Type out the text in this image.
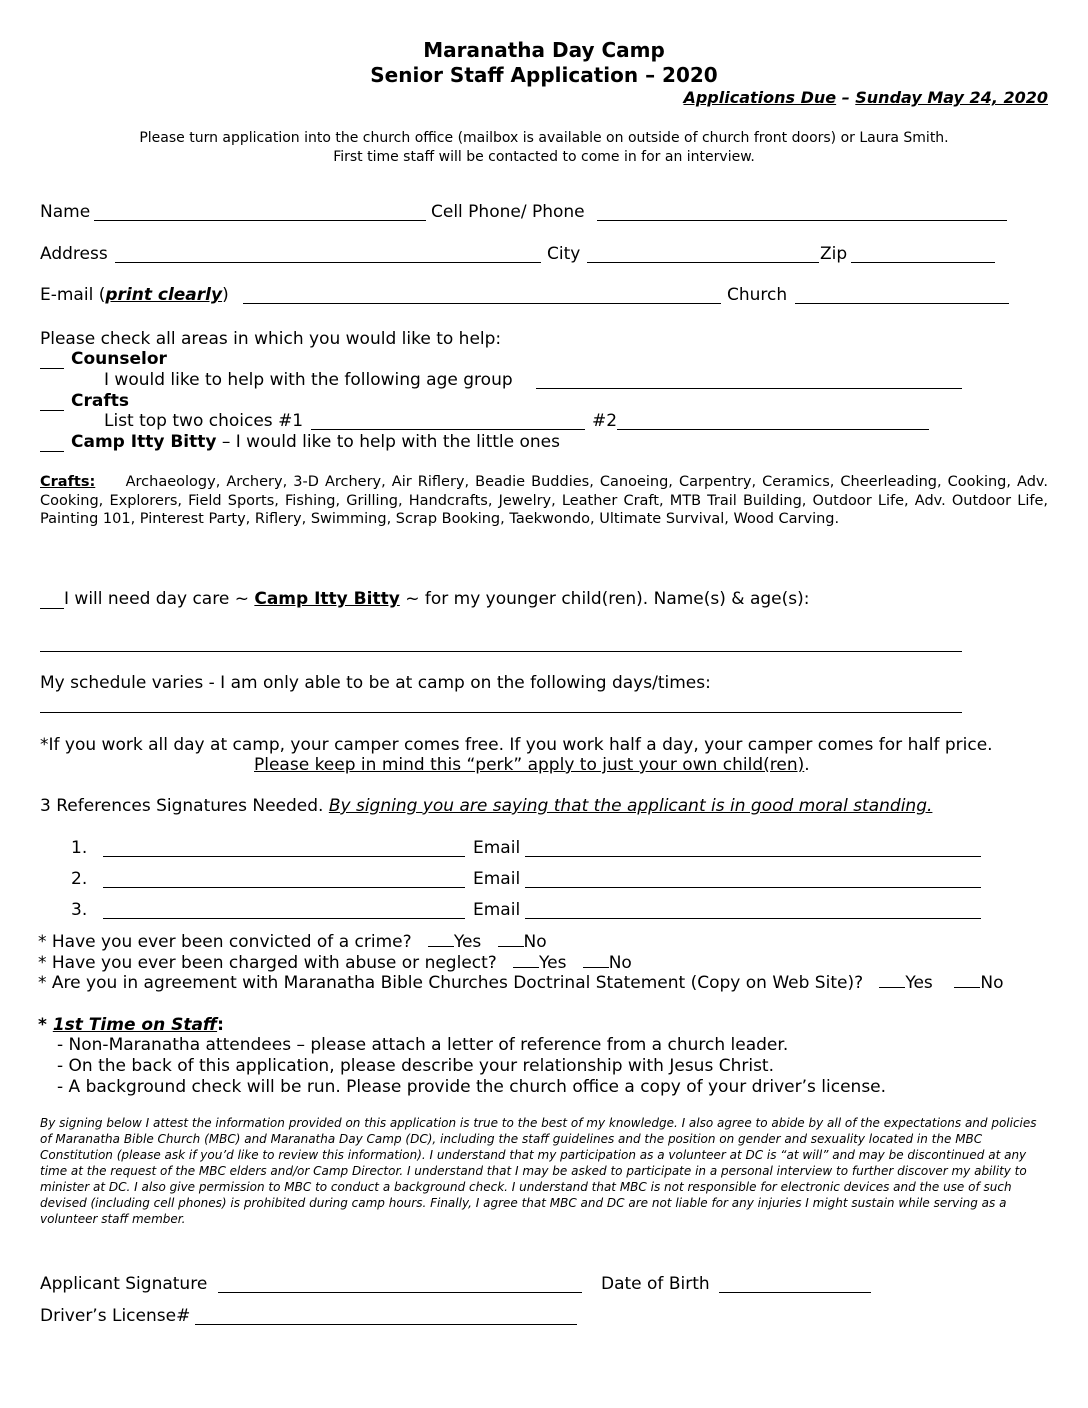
Maranatha Day Camp
Senior Staff Application – 2020
Applications Due – Sunday May 24, 2020
Please turn application into the church office (mailbox is available on outside of church front doors) or Laura Smith.
First time staff will be contacted to come in for an interview.
Name	Cell Phone/ Phone
Address	City	Zip
E-mail (print clearly)	Church
Please check all areas in which you would like to help:
Counselor
I would like to help with the following age group
Crafts
List top two choices #1	#2
Camp Itty Bitty – I would like to help with the little ones
Crafts: Archaeology, Archery, 3-D Archery, Air Riflery, Beadie Buddies, Canoeing, Carpentry, Ceramics, Cheerleading, Cooking, Adv. Cooking, Explorers, Field Sports, Fishing, Grilling, Handcrafts, Jewelry, Leather Craft, MTB Trail Building, Outdoor Life, Adv. Outdoor Life, Painting 101, Pinterest Party, Riflery, Swimming, Scrap Booking, Taekwondo, Ultimate Survival, Wood Carving.
I will need day care ~ Camp Itty Bitty ~ for my younger child(ren). Name(s) & age(s):
My schedule varies - I am only able to be at camp on the following days/times:
*If you work all day at camp, your camper comes free. If you work half a day, your camper comes for half price.
Please keep in mind this “perk” apply to just your own child(ren).
3 References Signatures Needed. By signing you are saying that the applicant is in good moral standing.
1.	Email
2.	Email
3.	Email
* Have you ever been convicted of a crime? Yes No
* Have you ever been charged with abuse or neglect? Yes No
* Are you in agreement with Maranatha Bible Churches Doctrinal Statement (Copy on Web Site)? Yes	No
* 1st Time on Staff:
- Non-Maranatha attendees – please attach a letter of reference from a church leader.
- On the back of this application, please describe your relationship with Jesus Christ.
- A background check will be run. Please provide the church office a copy of your driver’s license.
By signing below I attest the information provided on this application is true to the best of my knowledge. I also agree to abide by all of the expectations and policies of Maranatha Bible Church (MBC) and Maranatha Day Camp (DC), including the staff guidelines and the position on gender and sexuality located in the MBC Constitution (please ask if you’d like to review this information). I understand that my participation as a volunteer at DC is “at will” and may be discontinued at any time at the request of the MBC elders and/or Camp Director. I understand that I may be asked to participate in a personal interview to further discover my ability to minister at DC. I also give permission to MBC to conduct a background check. I understand that MBC is not responsible for electronic devices and the use of such devised (including cell phones) is prohibited during camp hours. Finally, I agree that MBC and DC are not liable for any injuries I might sustain while serving as a volunteer staff member.
Applicant Signature	Date of Birth
Driver’s License#
